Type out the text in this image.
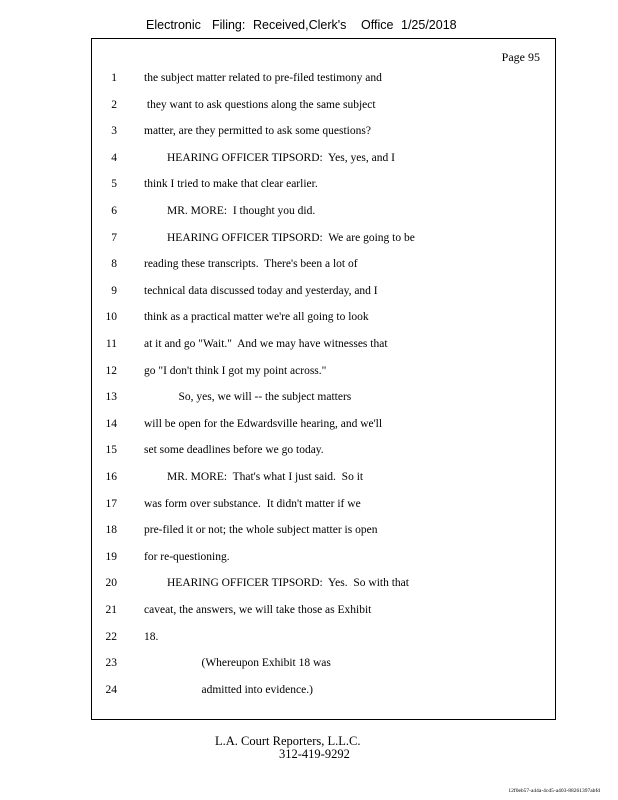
Electronic Filing: Received,Clerk's Office 1/25/2018
Page 95
1 the subject matter related to pre-filed testimony and
2 they want to ask questions along the same subject
3 matter, are they permitted to ask some questions?
4 HEARING OFFICER TIPSORD:  Yes, yes, and I
5 think I tried to make that clear earlier.
6 MR. MORE:  I thought you did.
7 HEARING OFFICER TIPSORD:  We are going to be
8 reading these transcripts.  There's been a lot of
9 technical data discussed today and yesterday, and I
10 think as a practical matter we're all going to look
11 at it and go "Wait."  And we may have witnesses that
12 go "I don't think I got my point across."
13 So, yes, we will -- the subject matters
14 will be open for the Edwardsville hearing, and we'll
15 set some deadlines before we go today.
16 MR. MORE:  That's what I just said.  So it
17 was form over substance.  It didn't matter if we
18 pre-filed it or not; the whole subject matter is open
19 for re-questioning.
20 HEARING OFFICER TIPSORD:  Yes.  So with that
21 caveat, the answers, we will take those as Exhibit
22 18.
23 (Whereupon Exhibit 18 was
24 admitted into evidence.)
L.A. Court Reporters, L.L.C.
312-419-9292
12f0eb57-a44a-4cd5-a403-88261397abfd
